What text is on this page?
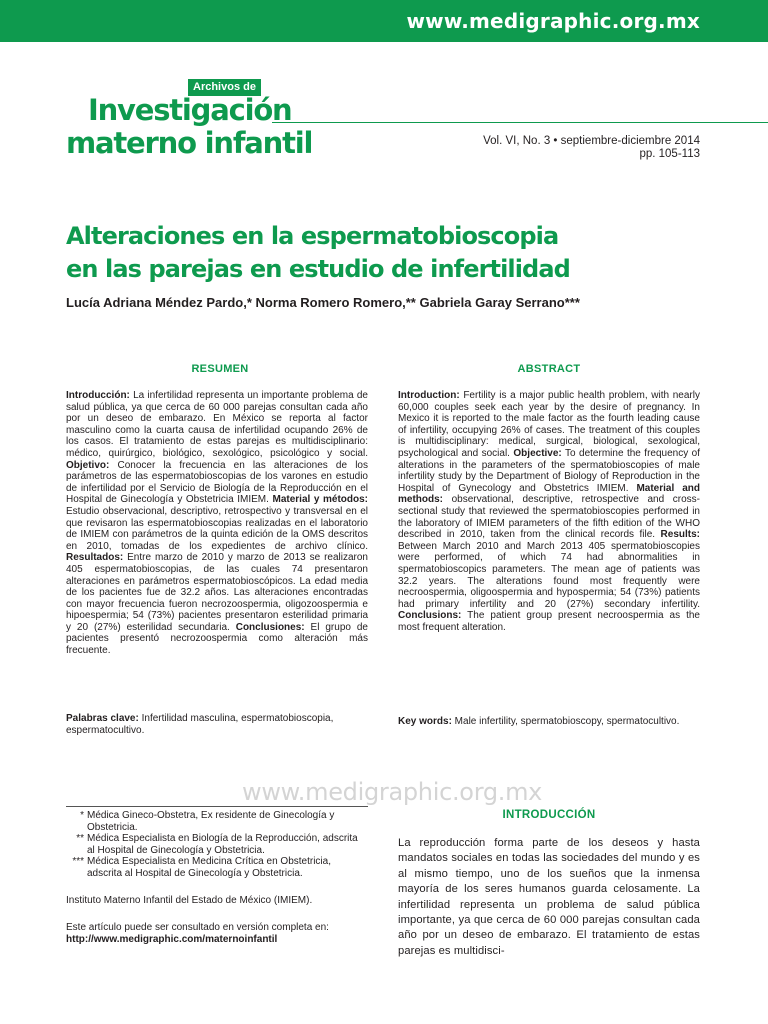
www.medigraphic.org.mx
Archivos de
Investigación
materno infantil	Vol. VI, No. 3 • septiembre-diciembre 2014
pp. 105-113
Alteraciones en la espermatobioscopia
en las parejas en estudio de infertilidad
Lucía Adriana Méndez Pardo,* Norma Romero Romero,** Gabriela Garay Serrano***
RESUMEN	ABSTRACT
Introducción: La infertilidad representa un importante problema de salud pública, ya que cerca de 60 000 parejas consultan cada año por un deseo de embarazo. En México se reporta al factor masculino como la cuarta causa de infertilidad ocupando 26% de los casos. El tratamiento de estas parejas es multidisciplinario: médico, quirúrgico, biológico, sexológico, psicológico y social. Objetivo: Conocer la frecuencia en las alteraciones de los parámetros de las espermatobioscopias de los varones en estudio de infertilidad por el Servicio de Biología de la Reproducción en el Hospital de Ginecología y Obstetricia IMIEM. Material y métodos: Estudio observacional, descriptivo, retrospectivo y transversal en el que revisaron las espermatobioscopias realizadas en el laboratorio de IMIEM con parámetros de la quinta edición de la OMS descritos en 2010, tomadas de los expedientes de archivo clínico. Resultados: Entre marzo de 2010 y marzo de 2013 se realizaron 405 espermatobioscopias, de las cuales 74 presentaron alteraciones en parámetros espermatobioscópicos. La edad media de los pacientes fue de 32.2 años. Las alteraciones encontradas con mayor frecuencia fueron necrozoospermia, oligozoospermia e hipoespermia; 54 (73%) pacientes presentaron esterilidad primaria y 20 (27%) esterilidad secundaria. Conclusiones: El grupo de pacientes presentó necrozoospermia como alteración más frecuente.
Palabras clave: Infertilidad masculina, espermatobioscopia, espermatocultivo.
Introduction: Fertility is a major public health problem, with nearly 60,000 couples seek each year by the desire of pregnancy. In Mexico it is reported to the male factor as the fourth leading cause of infertility, occupying 26% of cases. The treatment of this couples is multidisciplinary: medical, surgical, biological, sexological, psychological and social. Objective: To determine the frequency of alterations in the parameters of the spermatobioscopies of male infertility study by the Department of Biology of Reproduction in the Hospital of Gynecology and Obstetrics IMIEM. Material and methods: observational, descriptive, retrospective and cross-sectional study that reviewed the spermatobioscopies performed in the laboratory of IMIEM parameters of the fifth edition of the WHO described in 2010, taken from the clinical records file. Results: Between March 2010 and March 2013 405 spermatobioscopies were performed, of which 74 had abnormalities in spermatobioscopics parameters. The mean age of patients was 32.2 years. The alterations found most frequently were necroospermia, oligoospermia and hypospermia; 54 (73%) patients had primary infertility and 20 (27%) secondary infertility. Conclusions: The patient group present necroospermia as the most frequent alteration.
Key words: Male infertility, spermatobioscopy, spermatocultivo.
www.medigraphic.org.mx

* Médica Gineco-Obstetra, Ex residente de Ginecología y Obstetricia.

** Médica Especialista en Biología de la Reproducción, adscrita al Hospital de Ginecología y Obstetricia.

*** Médica Especialista en Medicina Crítica en Obstetricia, adscrita al Hospital de Ginecología y Obstetricia.

Instituto Materno Infantil del Estado de México (IMIEM).
Este artículo puede ser consultado en versión completa en: http://www.medigraphic.com/maternoinfantil
INTRODUCCIÓN
La reproducción forma parte de los deseos y hasta mandatos sociales en todas las sociedades del mundo y es al mismo tiempo, uno de los sueños que la inmensa mayoría de los seres humanos guarda celosamente. La infertilidad representa un problema de salud pública importante, ya que cerca de 60 000 parejas consultan cada año por un deseo de embarazo. El tratamiento de estas parejas es multidisci-
